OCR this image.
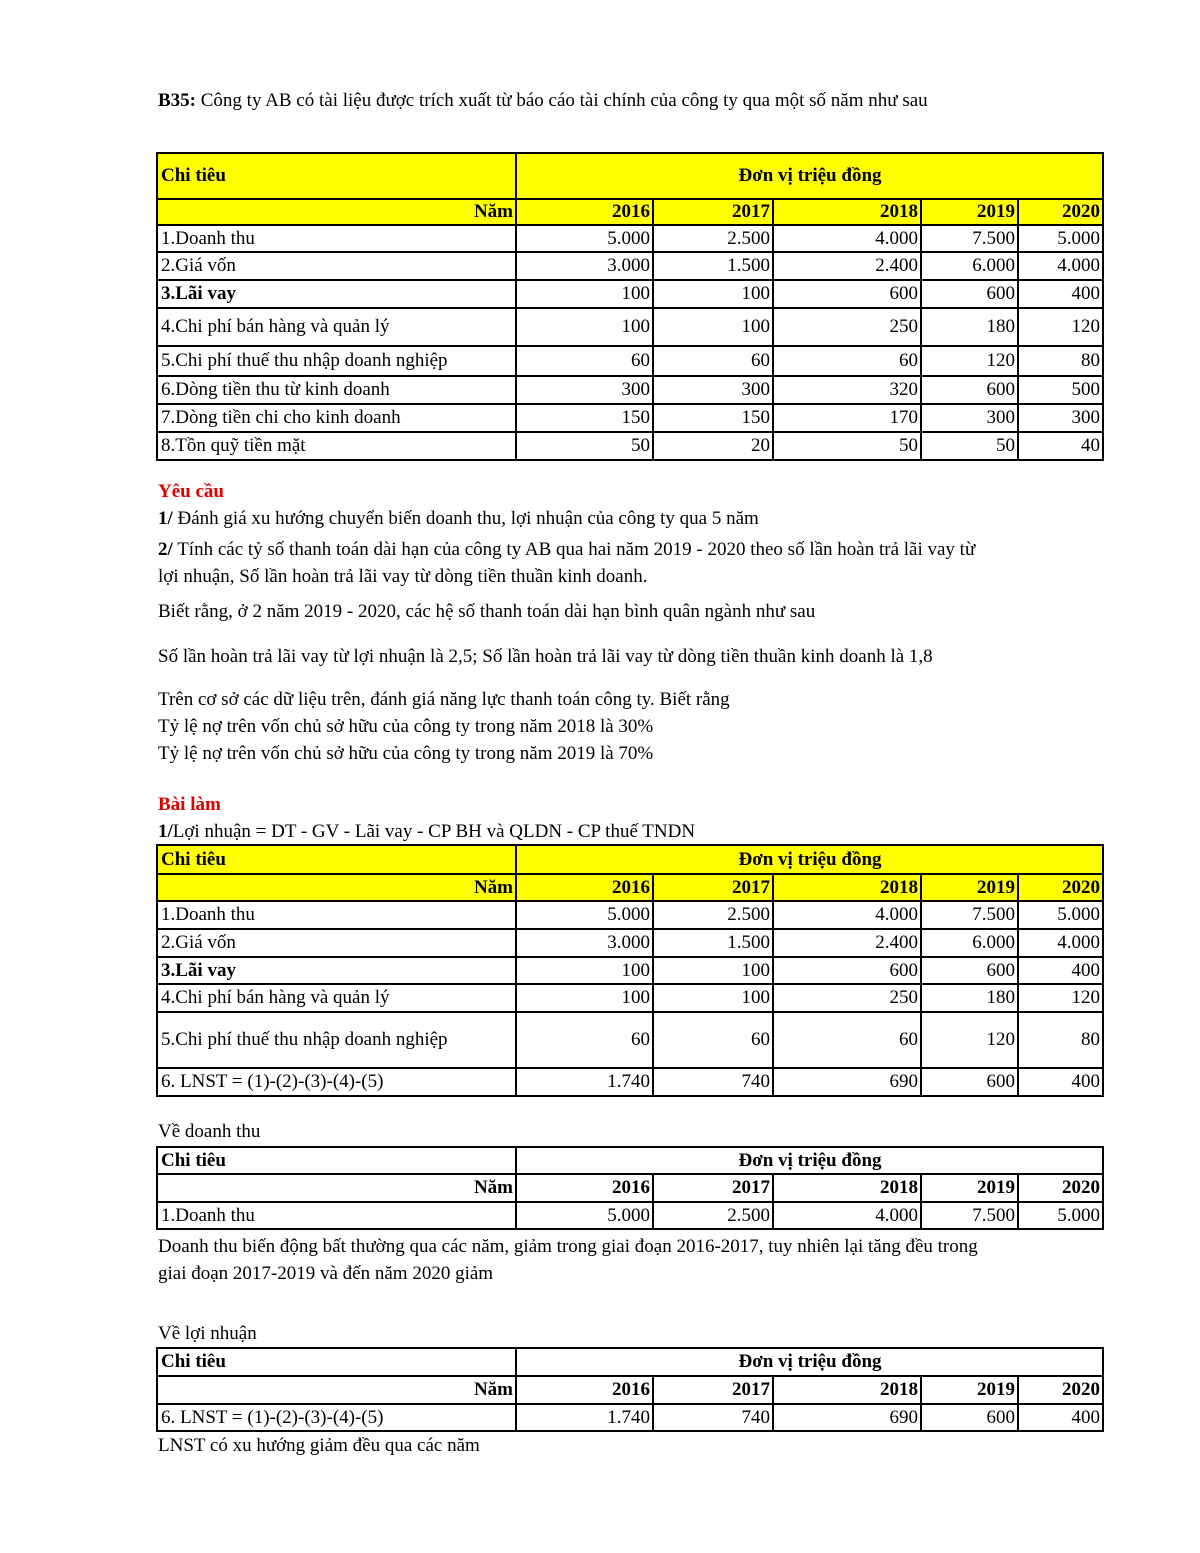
B35: Công ty AB có tài liệu được trích xuất từ báo cáo tài chính của công ty qua một số năm như sau
Chi tiêu	Đơn vị triệu đồng				
Năm	2016	2017	2018	2019	2020
1.Doanh thu	5.000	2.500	4.000	7.500	5.000
2.Giá vốn	3.000	1.500	2.400	6.000	4.000
3.Lãi vay	100	100	600	600	400
4.Chi phí bán hàng và quản lý	100	100	250	180	120
5.Chi phí thuế thu nhập doanh nghiệp	60	60	60	120	80
6.Dòng tiền thu từ kinh doanh	300	300	320	600	500
7.Dòng tiền chi cho kinh doanh	150	150	170	300	300
8.Tồn quỹ tiền mặt	50	20	50	50	40
Yêu cầu
1/ Đánh giá xu hướng chuyển biến doanh thu, lợi nhuận của công ty qua 5 năm
2/ Tính các tỷ số thanh toán dài hạn của công ty AB qua hai năm 2019 - 2020 theo số lần hoàn trả lãi vay từ
lợi nhuận, Số lần hoàn trả lãi vay từ dòng tiền thuần kinh doanh.
Biết rằng, ở 2 năm 2019 - 2020, các hệ số thanh toán dài hạn bình quân ngành như sau
Số lần hoàn trả lãi vay từ lợi nhuận là 2,5; Số lần hoàn trả lãi vay từ dòng tiền thuần kinh doanh là 1,8
Trên cơ sở các dữ liệu trên, đánh giá năng lực thanh toán công ty. Biết rằng
Tỷ lệ nợ trên vốn chủ sở hữu của công ty trong năm 2018 là 30%
Tỷ lệ nợ trên vốn chủ sở hữu của công ty trong năm 2019 là 70%
Bài làm
1/Lợi nhuận = DT - GV - Lãi vay - CP BH và QLDN - CP thuế TNDN
Chi tiêu	Đơn vị triệu đồng				
Năm	2016	2017	2018	2019	2020
1.Doanh thu	5.000	2.500	4.000	7.500	5.000
2.Giá vốn	3.000	1.500	2.400	6.000	4.000
3.Lãi vay	100	100	600	600	400
4.Chi phí bán hàng và quản lý	100	100	250	180	120
5.Chi phí thuế thu nhập doanh nghiệp	60	60	60	120	80
6. LNST = (1)-(2)-(3)-(4)-(5)	1.740	740	690	600	400
Về doanh thu
Chi tiêu	Đơn vị triệu đồng				
Năm	2016	2017	2018	2019	2020
1.Doanh thu	5.000	2.500	4.000	7.500	5.000
Doanh thu biến động bất thường qua các năm, giảm trong giai đoạn 2016-2017, tuy nhiên lại tăng đều trong
giai đoạn 2017-2019 và đến năm 2020 giảm
Về lợi nhuận
Chi tiêu	Đơn vị triệu đồng				
Năm	2016	2017	2018	2019	2020
6. LNST = (1)-(2)-(3)-(4)-(5)	1.740	740	690	600	400
LNST có xu hướng giảm đều qua các năm
